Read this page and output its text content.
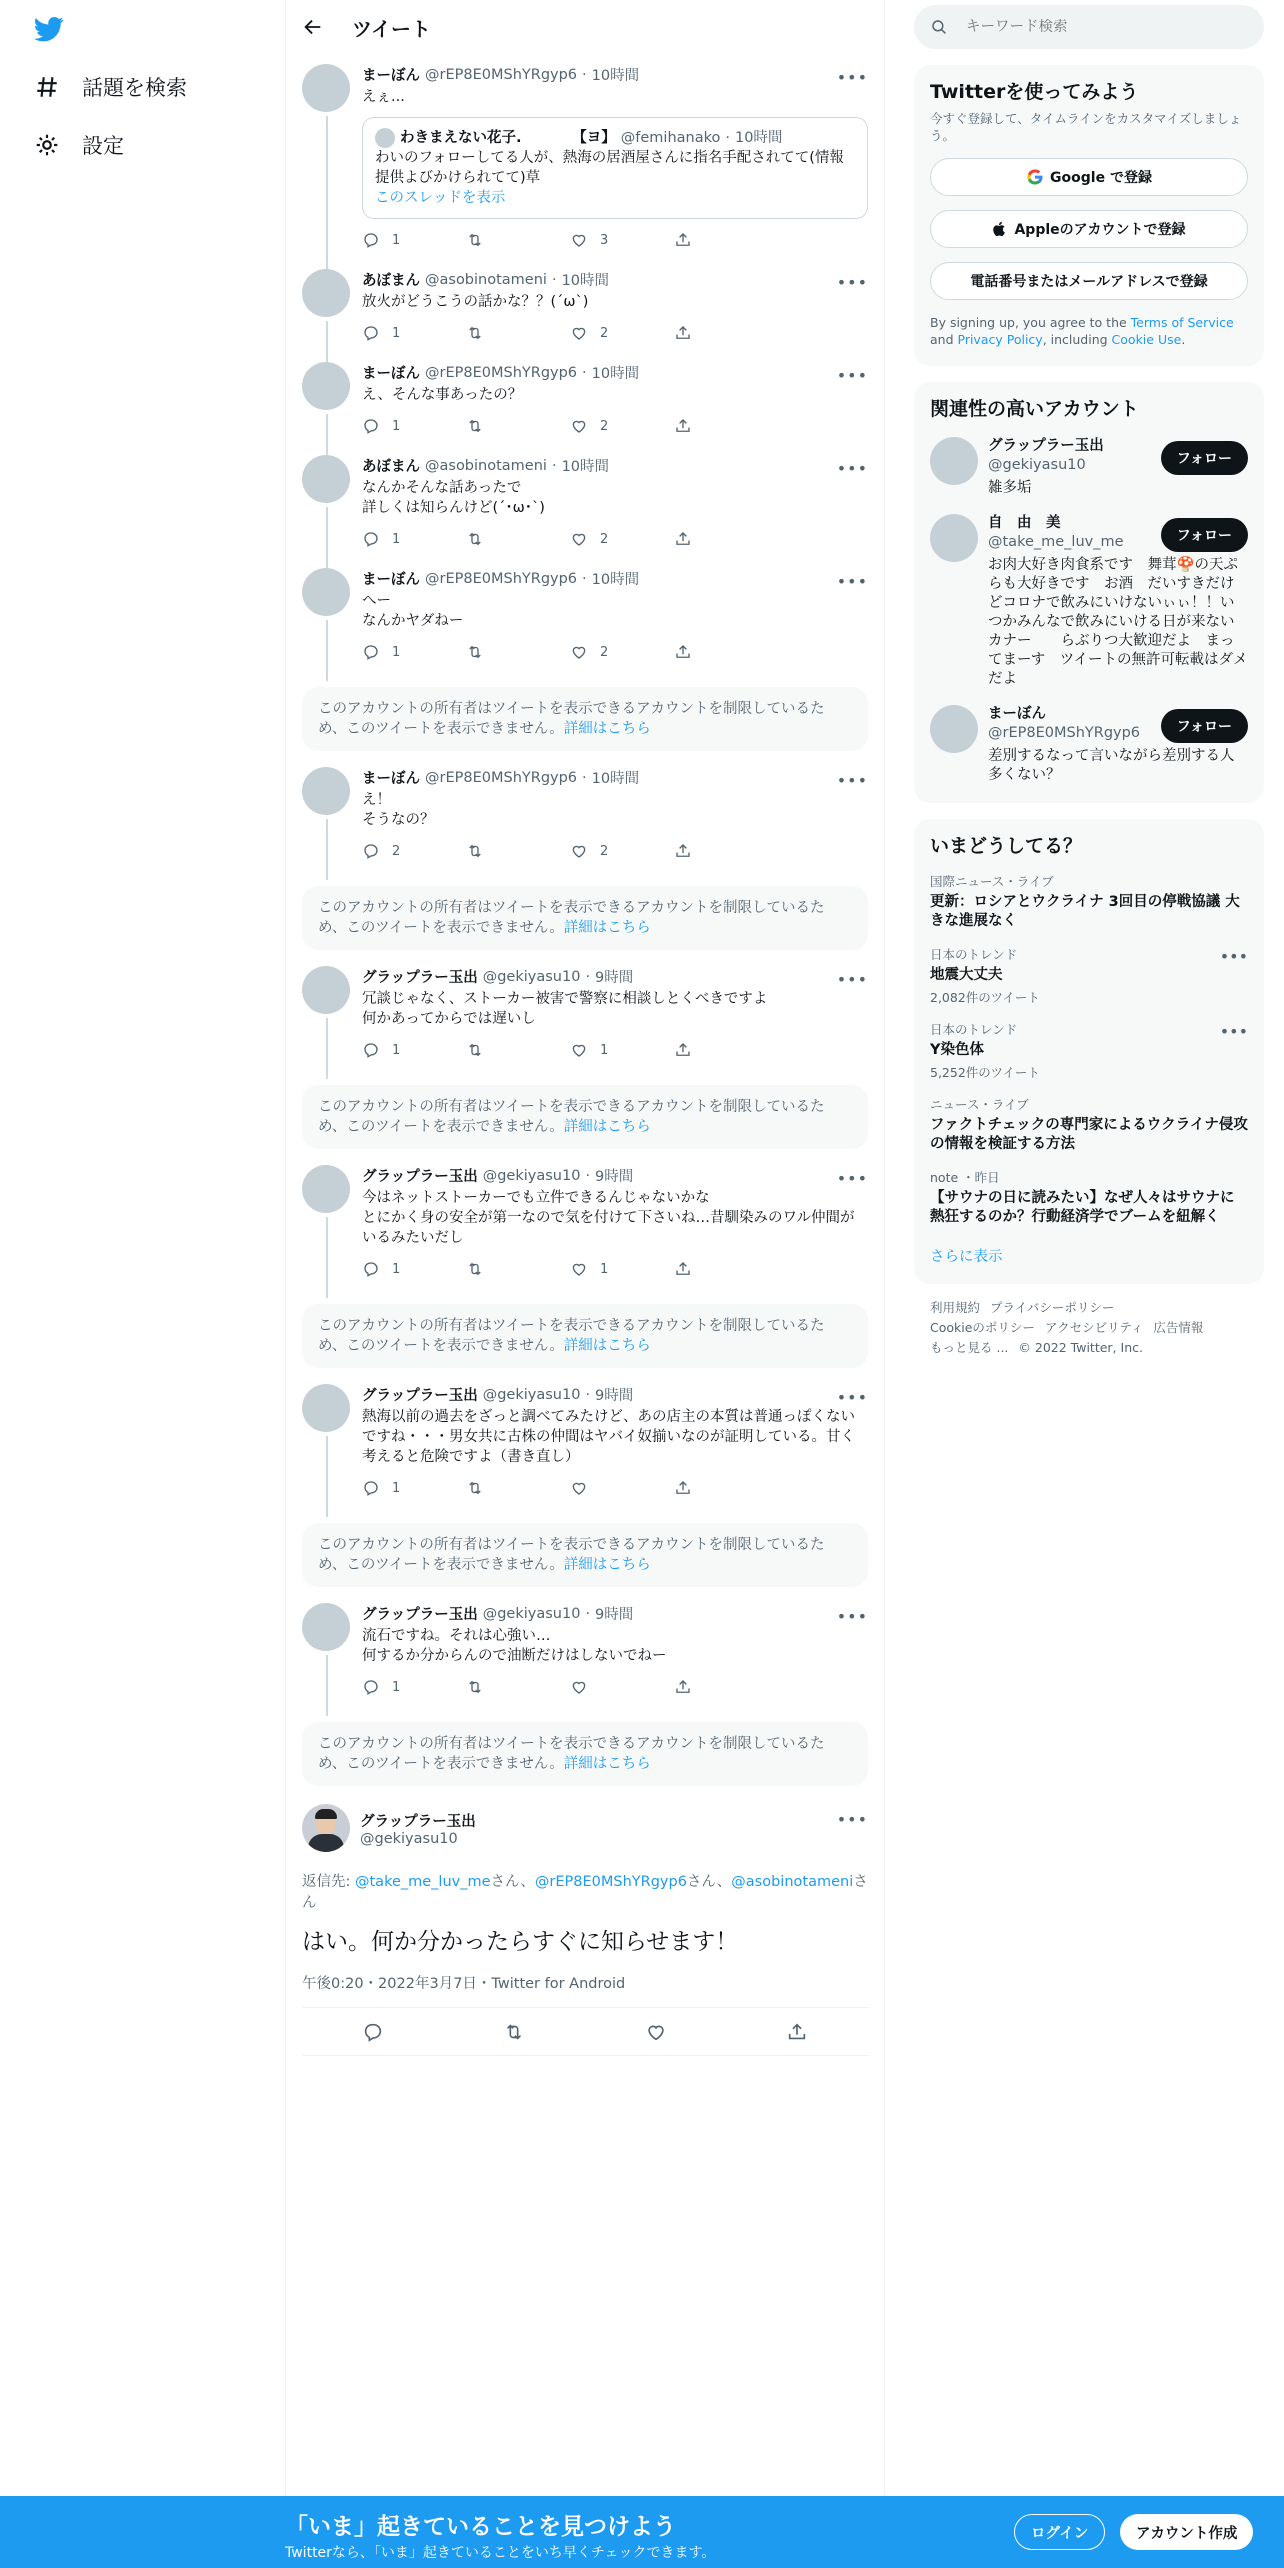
話題を検索
設定
ツイート
まーぼん @rEP8E0MShYRgyp6 · 10時間
えぇ...
わきまえない花子.　　　　【ヨ】 @femihanako · 10時間
わいのフォローしてる人が、熱海の居酒屋さんに指名手配されてて(情報提供よびかけられてて)草
このスレッドを表示
1	3
•••
あぼまん @asobinotameni · 10時間
放火がどうこうの話かな？？(´ω`)
1	2
•••
まーぼん @rEP8E0MShYRgyp6 · 10時間
え、そんな事あったの？
1	2
•••
あぼまん @asobinotameni · 10時間
なんかそんな話あったで
詳しくは知らんけど(´･ω･`)
1	2
•••
まーぼん @rEP8E0MShYRgyp6 · 10時間
へー
なんかヤダねー
1	2
•••
このアカウントの所有者はツイートを表示できるアカウントを制限しているため、このツイートを表示できません。詳細はこちら
まーぼん @rEP8E0MShYRgyp6 · 10時間
え！
そうなの？
2	2
•••
このアカウントの所有者はツイートを表示できるアカウントを制限しているため、このツイートを表示できません。詳細はこちら
グラップラー玉出 @gekiyasu10 · 9時間
冗談じゃなく、ストーカー被害で警察に相談しとくべきですよ
何かあってからでは遅いし
1	1
•••
このアカウントの所有者はツイートを表示できるアカウントを制限しているため、このツイートを表示できません。詳細はこちら
グラップラー玉出 @gekiyasu10 · 9時間
今はネットストーカーでも立件できるんじゃないかな
とにかく身の安全が第一なので気を付けて下さいね…昔馴染みのワル仲間がいるみたいだし
1	1
•••
このアカウントの所有者はツイートを表示できるアカウントを制限しているため、このツイートを表示できません。詳細はこちら
グラップラー玉出 @gekiyasu10 · 9時間
熱海以前の過去をざっと調べてみたけど、あの店主の本質は普通っぽくないですね・・・男女共に古株の仲間はヤバイ奴揃いなのが証明している。甘く考えると危険ですよ（書き直し）
1
•••
このアカウントの所有者はツイートを表示できるアカウントを制限しているため、このツイートを表示できません。詳細はこちら
グラップラー玉出 @gekiyasu10 · 9時間
流石ですね。それは心強い…
何するか分からんので油断だけはしないでねー
1
•••
このアカウントの所有者はツイートを表示できるアカウントを制限しているため、このツイートを表示できません。詳細はこちら
グラップラー玉出
@gekiyasu10
•••
返信先: @take_me_luv_meさん、@rEP8E0MShYRgyp6さん、@asobinotameniさん
はい。何か分かったらすぐに知らせます！
午後0:20・2022年3月7日・Twitter for Android
キーワード検索
Twitterを使ってみよう
今すぐ登録して、タイムラインをカスタマイズしましょう。
Google で登録
Appleのアカウントで登録
電話番号またはメールアドレスで登録
By signing up, you agree to the Terms of Service and Privacy Policy, including Cookie Use.
関連性の高いアカウント
グラップラー玉出
@gekiyasu10
雑多垢
フォロー
自　由　美
@take_me_luv_me
お肉大好き肉食系です　舞茸🍄の天ぷらも大好きです　お酒　だいすきだけどコロナで飲みにいけないぃぃ！！いつかみんなで飲みにいける日が来ないカナー　　らぶりつ大歓迎だよ　まってまーす　ツイートの無許可転載はダメだよ
フォロー
まーぼん
@rEP8E0MShYRgyp6
差別するなって言いながら差別する人多くない？
フォロー
いまどうしてる？
国際ニュース・ライブ
更新：ロシアとウクライナ 3回目の停戦協議 大きな進展なく
日本のトレンド
地震大丈夫
2,082件のツイート
•••
日本のトレンド
Y染色体
5,252件のツイート
•••
ニュース・ライブ
ファクトチェックの専門家によるウクライナ侵攻の情報を検証する方法
note ・昨日
【サウナの日に読みたい】なぜ人々はサウナに熱狂するのか？行動経済学でブームを紐解く
さらに表示
利用規約 プライバシーポリシー
Cookieのポリシー アクセシビリティ 広告情報
もっと見る ... © 2022 Twitter, Inc.
「いま」起きていることを見つけよう
Twitterなら、「いま」起きていることをいち早くチェックできます。
ログイン	アカウント作成
